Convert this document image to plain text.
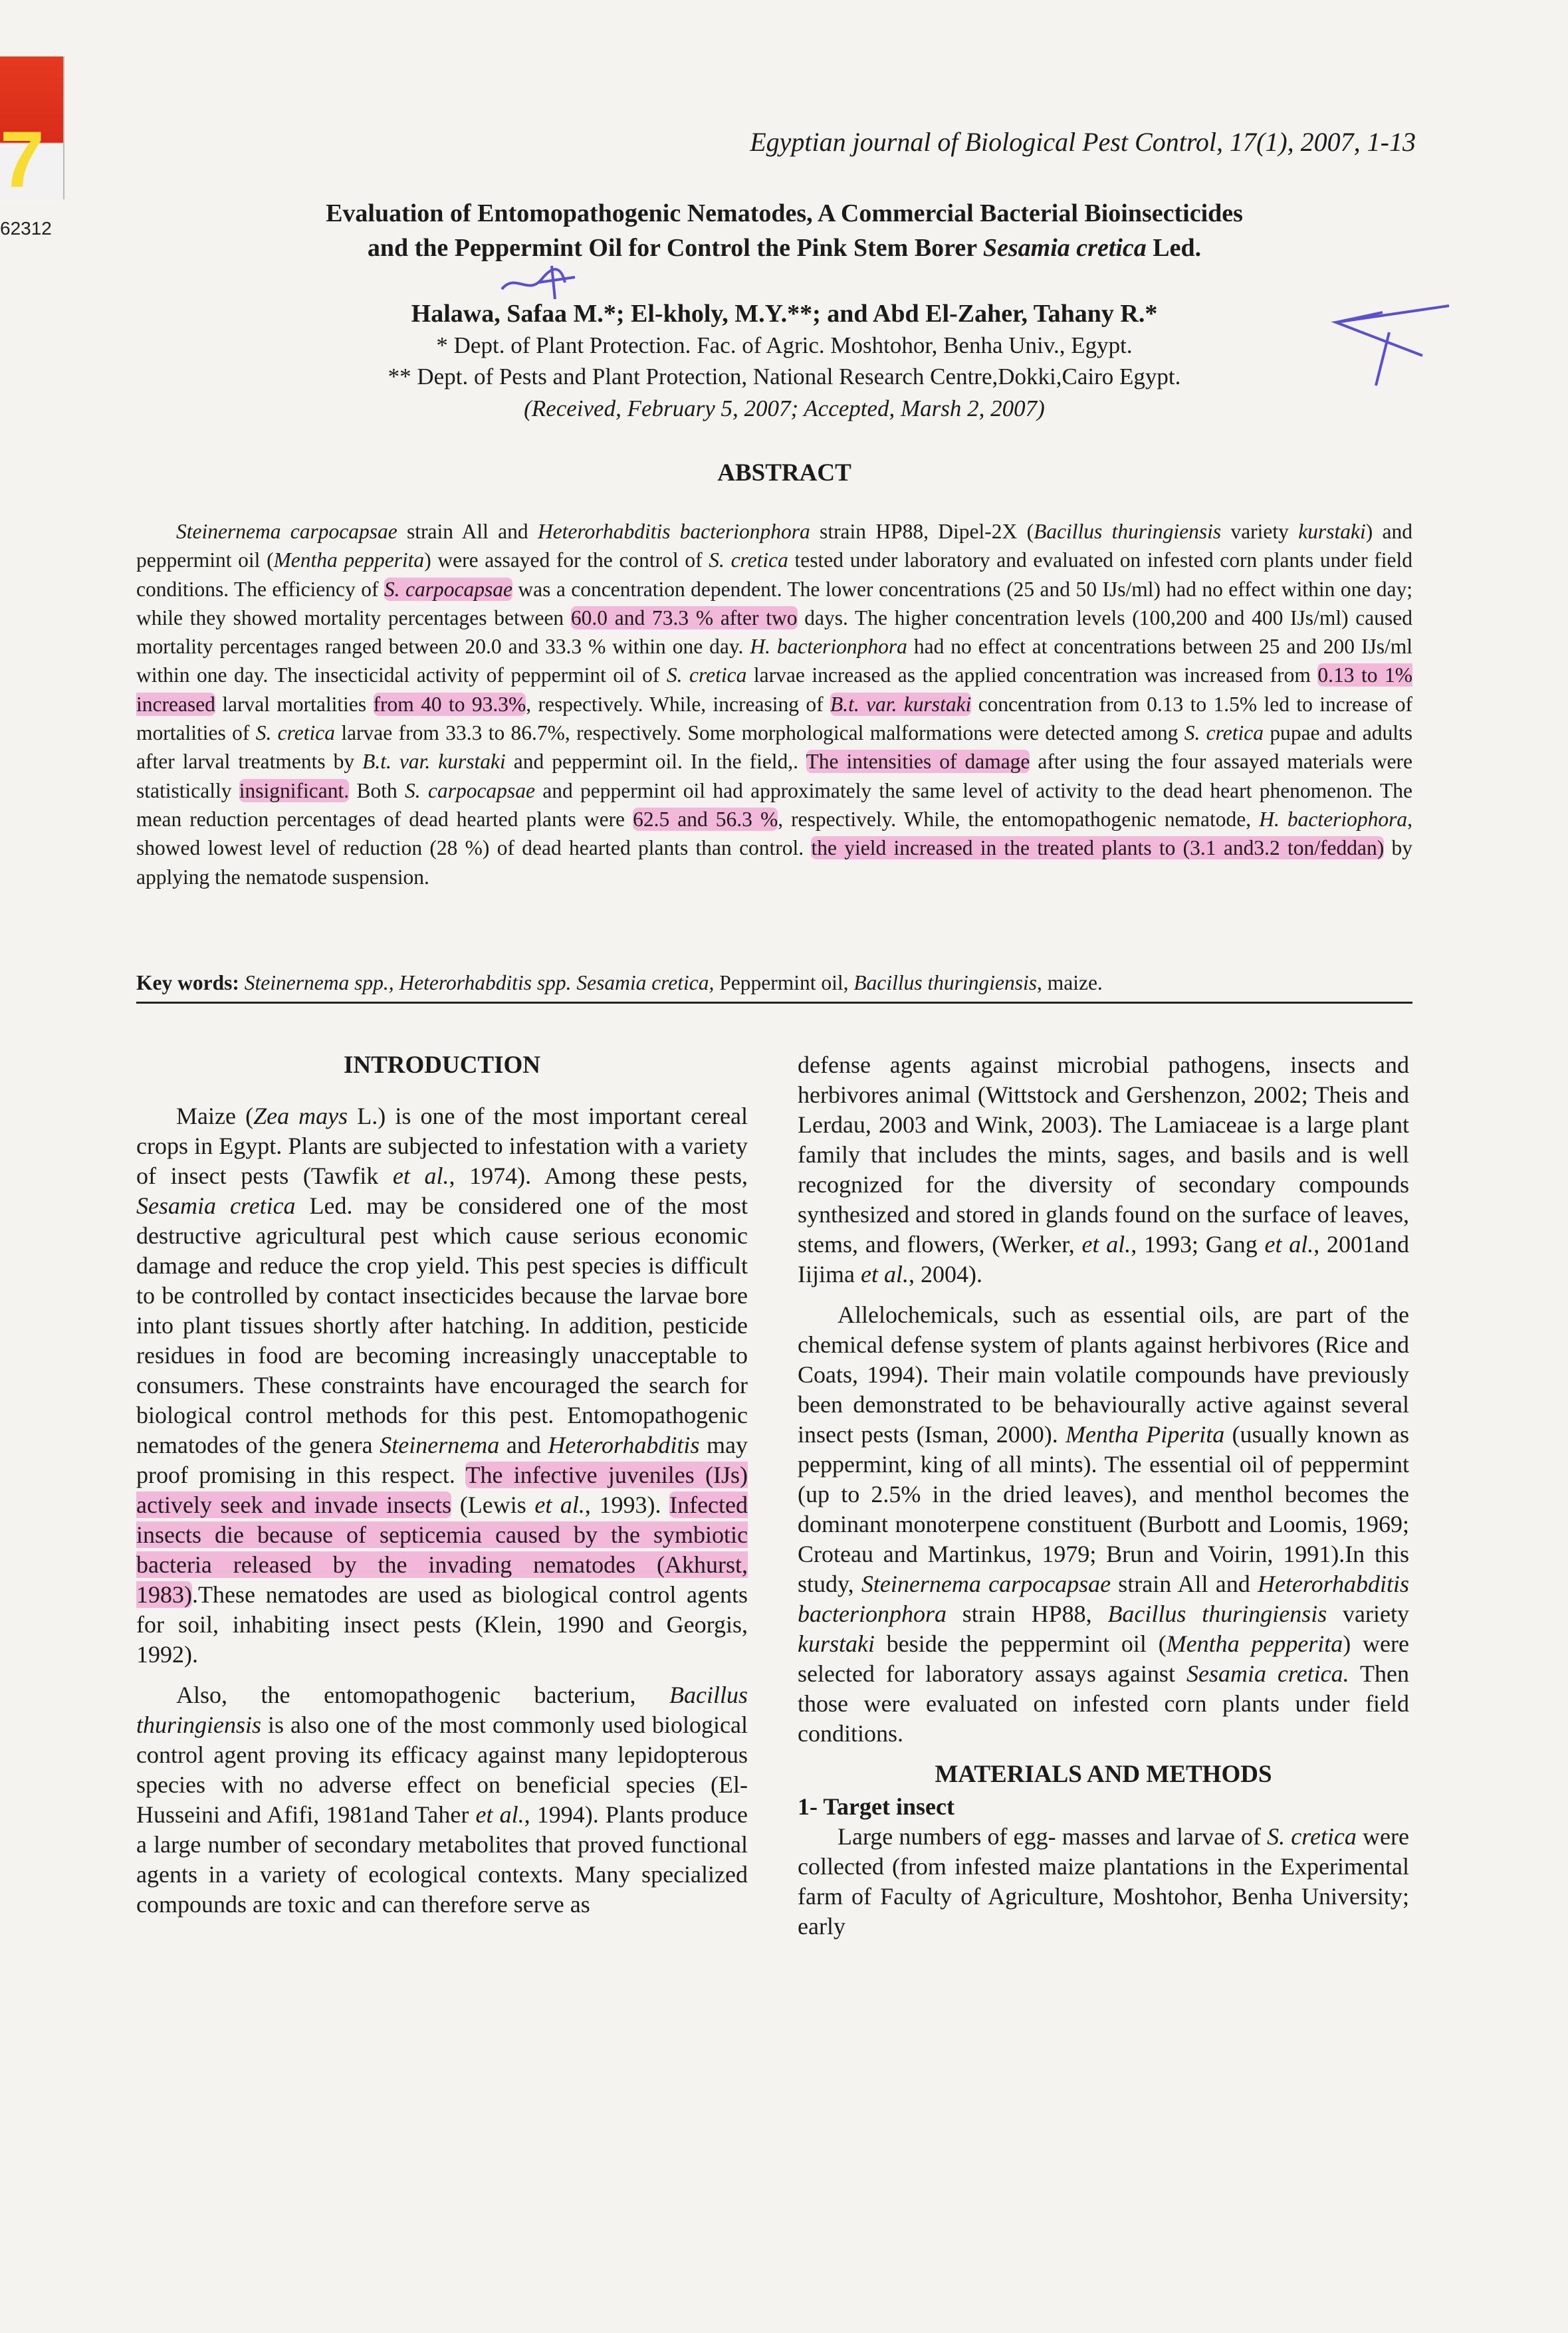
7
62312
Egyptian journal of Biological Pest Control, 17(1), 2007, 1-13
Evaluation of Entomopathogenic Nematodes, A Commercial Bacterial Bioinsecticides
and the Peppermint Oil for Control the Pink Stem Borer Sesamia cretica Led.
Halawa, Safaa M.*; El-kholy, M.Y.**; and Abd El-Zaher, Tahany R.*
* Dept. of Plant Protection. Fac. of Agric. Moshtohor, Benha Univ., Egypt.
** Dept. of Pests and Plant Protection, National Research Centre,Dokki,Cairo Egypt.
(Received, February 5, 2007; Accepted, Marsh 2, 2007)
ABSTRACT
Steinernema carpocapsae strain All and Heterorhabditis bacterionphora strain HP88, Dipel-2X (Bacillus thuringiensis variety kurstaki) and peppermint oil (Mentha pepperita) were assayed for the control of S. cretica tested under laboratory and evaluated on infested corn plants under field conditions. The efficiency of S. carpocapsae was a concentration dependent. The lower concentrations (25 and 50 IJs/ml) had no effect within one day; while they showed mortality percentages between 60.0 and 73.3 % after two days. The higher concentration levels (100,200 and 400 IJs/ml) caused mortality percentages ranged between 20.0 and 33.3 % within one day. H. bacterionphora had no effect at concentrations between 25 and 200 IJs/ml within one day. The insecticidal activity of peppermint oil of S. cretica larvae increased as the applied concentration was increased from 0.13 to 1% increased larval mortalities from 40 to 93.3%, respectively. While, increasing of B.t. var. kurstaki concentration from 0.13 to 1.5% led to increase of mortalities of S. cretica larvae from 33.3 to 86.7%, respectively. Some morphological malformations were detected among S. cretica pupae and adults after larval treatments by B.t. var. kurstaki and peppermint oil. In the field,. The intensities of damage after using the four assayed materials were statistically insignificant. Both S. carpocapsae and peppermint oil had approximately the same level of activity to the dead heart phenomenon. The mean reduction percentages of dead hearted plants were 62.5 and 56.3 %, respectively. While, the entomopathogenic nematode, H. bacteriophora, showed lowest level of reduction (28 %) of dead hearted plants than control. the yield increased in the treated plants to (3.1 and3.2 ton/feddan) by applying the nematode suspension.
Key words: Steinernema spp., Heterorhabditis spp. Sesamia cretica, Peppermint oil, Bacillus thuringiensis, maize.
INTRODUCTION

Maize (Zea mays L.) is one of the most important cereal crops in Egypt. Plants are subjected to infestation with a variety of insect pests (Tawfik et al., 1974). Among these pests, Sesamia cretica Led. may be considered one of the most destructive agricultural pest which cause serious economic damage and reduce the crop yield. This pest species is difficult to be controlled by contact insecticides because the larvae bore into plant tissues shortly after hatching. In addition, pesticide residues in food are becoming increasingly unacceptable to consumers. These constraints have encouraged the search for biological control methods for this pest. Entomopathogenic nematodes of the genera Steinernema and Heterorhabditis may proof promising in this respect. The infective juveniles (IJs) actively seek and invade insects (Lewis et al., 1993). Infected insects die because of septicemia caused by the symbiotic bacteria released by the invading nematodes (Akhurst, 1983).These nematodes are used as biological control agents for soil, inhabiting insect pests (Klein, 1990 and Georgis, 1992).

Also, the entomopathogenic bacterium, Bacillus thuringiensis is also one of the most commonly used biological control agent proving its efficacy against many lepidopterous species with no adverse effect on beneficial species (El-Husseini and Afifi, 1981and Taher et al., 1994). Plants produce a large number of secondary metabolites that proved functional agents in a variety of ecological contexts. Many specialized compounds are toxic and can therefore serve as

defense agents against microbial pathogens, insects and herbivores animal (Wittstock and Gershenzon, 2002; Theis and Lerdau, 2003 and Wink, 2003). The Lamiaceae is a large plant family that includes the mints, sages, and basils and is well recognized for the diversity of secondary compounds synthesized and stored in glands found on the surface of leaves, stems, and flowers, (Werker, et al., 1993; Gang et al., 2001and Iijima et al., 2004).

Allelochemicals, such as essential oils, are part of the chemical defense system of plants against herbivores (Rice and Coats, 1994). Their main volatile compounds have previously been demonstrated to be behaviourally active against several insect pests (Isman, 2000). Mentha Piperita (usually known as peppermint, king of all mints). The essential oil of peppermint (up to 2.5% in the dried leaves), and menthol becomes the dominant monoterpene constituent (Burbott and Loomis, 1969; Croteau and Martinkus, 1979; Brun and Voirin, 1991).In this study, Steinernema carpocapsae strain All and Heterorhabditis bacterionphora strain HP88, Bacillus thuringiensis variety kurstaki beside the peppermint oil (Mentha pepperita) were selected for laboratory assays against Sesamia cretica. Then those were evaluated on infested corn plants under field conditions.

MATERIALS AND METHODS
1- Target insect

Large numbers of egg- masses and larvae of S. cretica were collected (from infested maize plantations in the Experimental farm of Faculty of Agriculture, Moshtohor, Benha University; early
